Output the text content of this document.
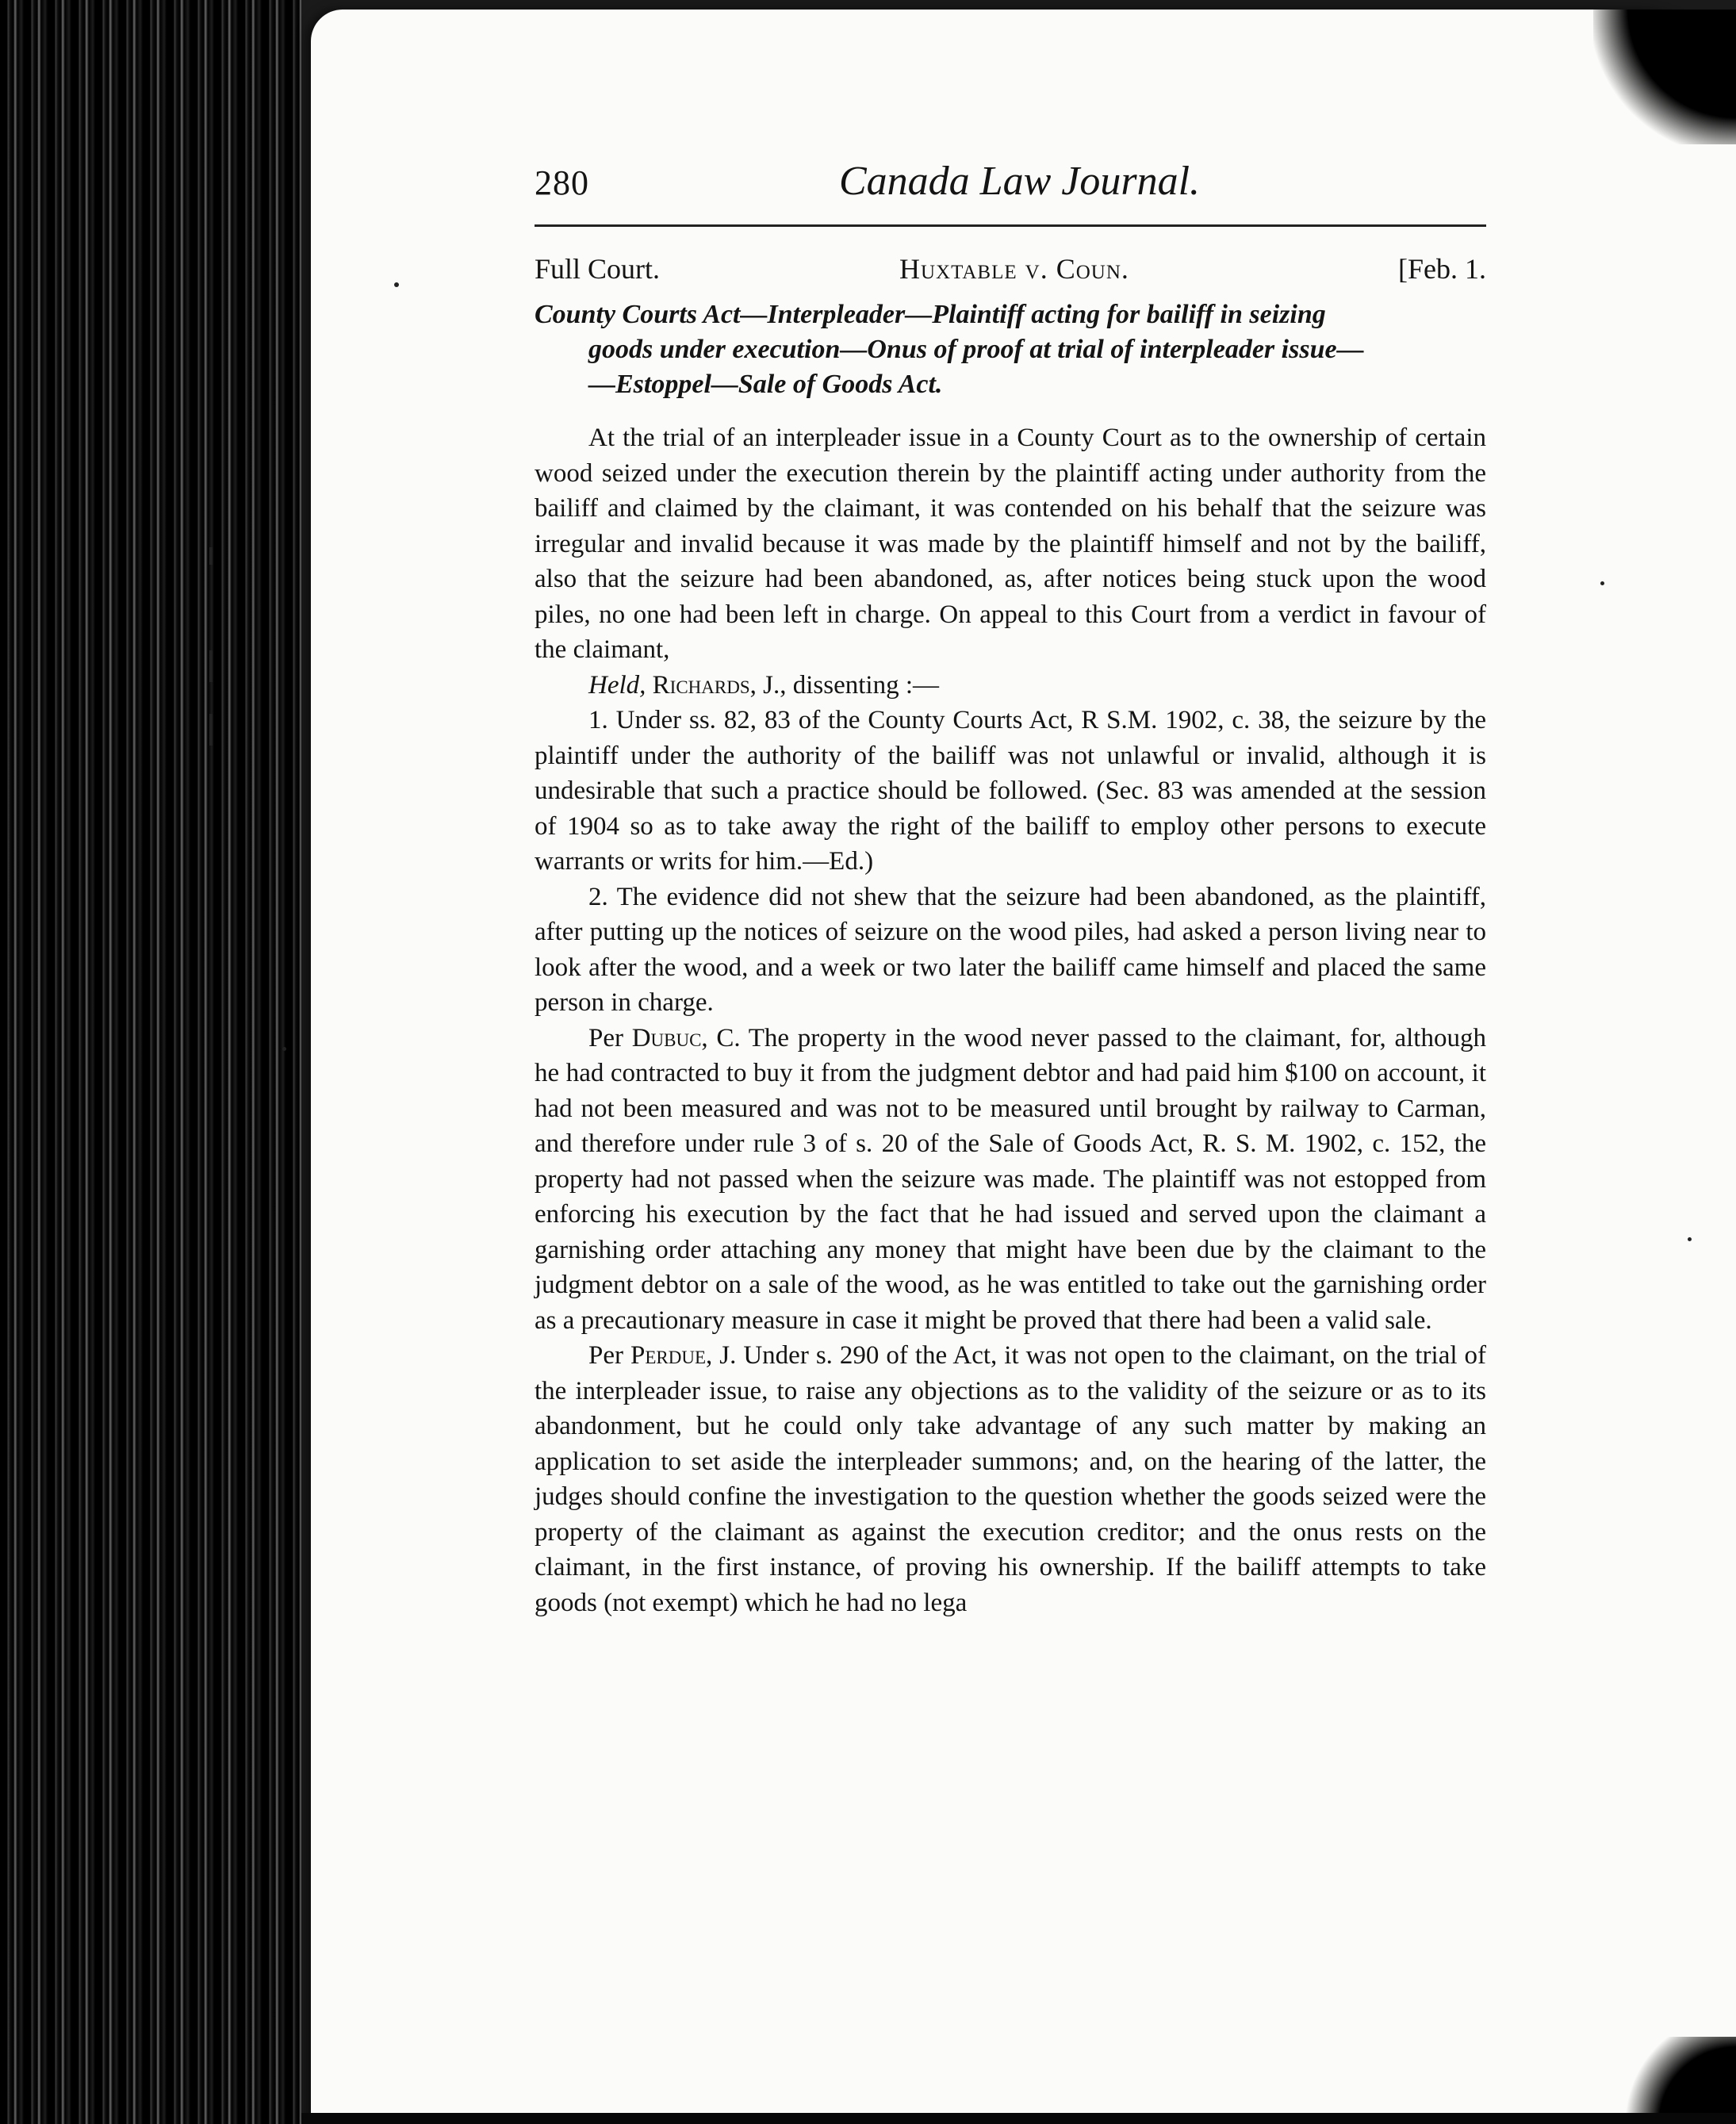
280	Canada Law Journal.
Full Court.	Huxtable v. Coun.	[Feb. 1.
County Courts Act—Interpleader—Plaintiff acting for bailiff in seizing
goods under execution—Onus of proof at trial of interpleader issue—
—Estoppel—Sale of Goods Act.

At the trial of an interpleader issue in a County Court as to the ownership of certain wood seized under the execution therein by the plaintiff acting under authority from the bailiff and claimed by the claimant, it was contended on his behalf that the seizure was irregular and invalid because it was made by the plaintiff himself and not by the bailiff, also that the seizure had been abandoned, as, after notices being stuck upon the wood piles, no one had been left in charge. On appeal to this Court from a verdict in favour of the claimant,

Held, Richards, J., dissenting :—

1. Under ss. 82, 83 of the County Courts Act, R S.M. 1902, c. 38, the seizure by the plaintiff under the authority of the bailiff was not unlawful or invalid, although it is undesirable that such a practice should be followed. (Sec. 83 was amended at the session of 1904 so as to take away the right of the bailiff to employ other persons to execute warrants or writs for him.—Ed.)

2. The evidence did not shew that the seizure had been abandoned, as the plaintiff, after putting up the notices of seizure on the wood piles, had asked a person living near to look after the wood, and a week or two later the bailiff came himself and placed the same person in charge.

Per Dubuc, C. The property in the wood never passed to the claimant, for, although he had contracted to buy it from the judgment debtor and had paid him $100 on account, it had not been measured and was not to be measured until brought by railway to Carman, and therefore under rule 3 of s. 20 of the Sale of Goods Act, R. S. M. 1902, c. 152, the property had not passed when the seizure was made. The plaintiff was not estopped from enforcing his execution by the fact that he had issued and served upon the claimant a garnishing order attaching any money that might have been due by the claimant to the judgment debtor on a sale of the wood, as he was entitled to take out the garnishing order as a precautionary measure in case it might be proved that there had been a valid sale.

Per Perdue, J. Under s. 290 of the Act, it was not open to the claimant, on the trial of the interpleader issue, to raise any objections as to the validity of the seizure or as to its abandonment, but he could only take advantage of any such matter by making an application to set aside the interpleader summons; and, on the hearing of the latter, the judges should confine the investigation to the question whether the goods seized were the property of the claimant as against the execution creditor; and the onus rests on the claimant, in the first instance, of proving his ownership. If the bailiff attempts to take goods (not exempt) which he had no lega
